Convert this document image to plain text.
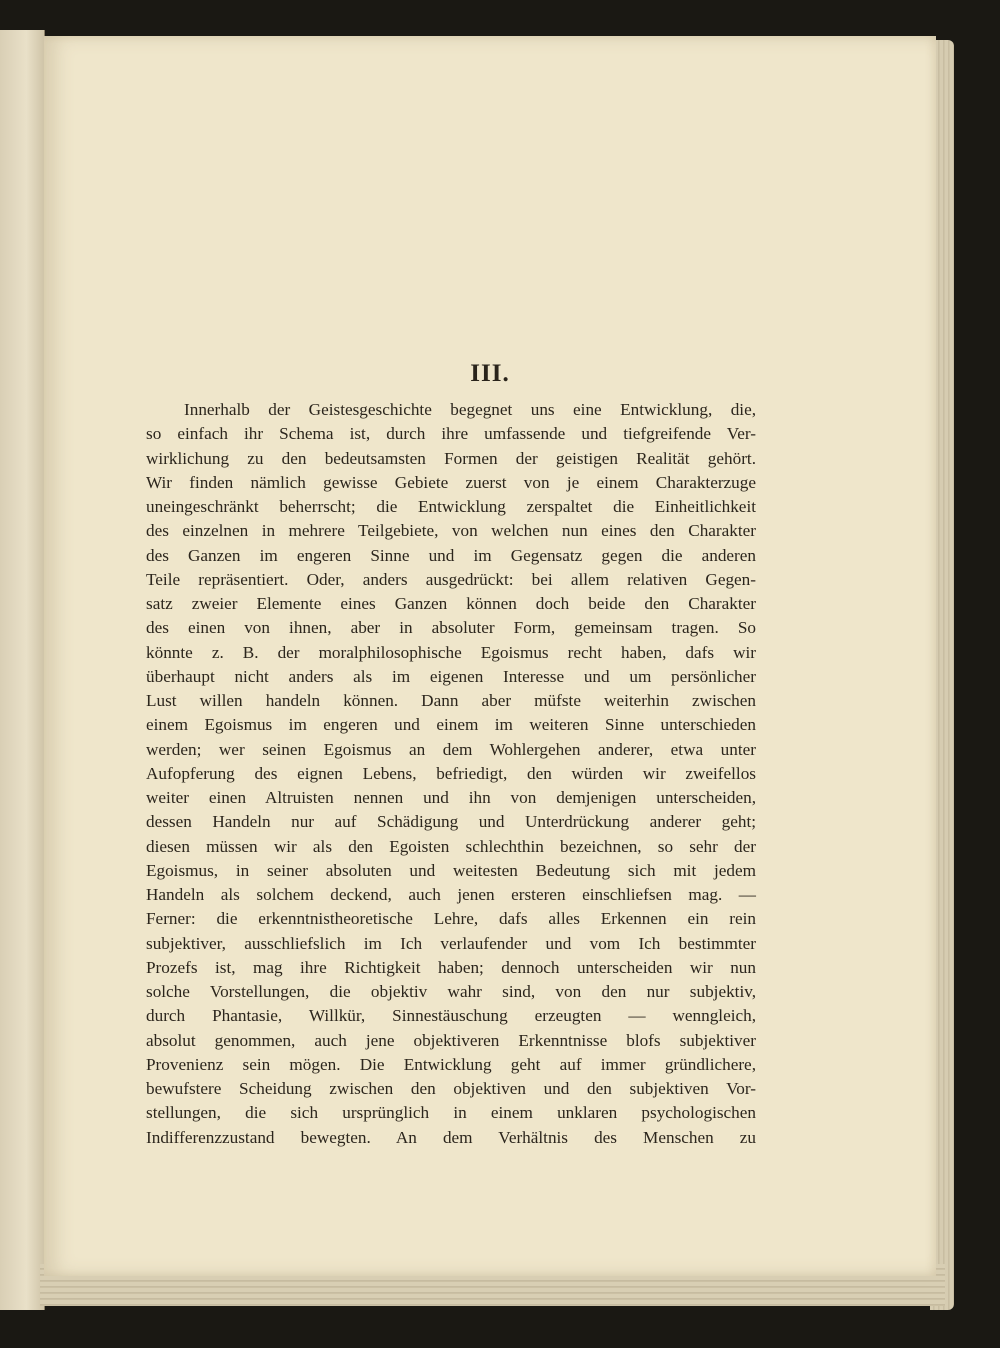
III.
Innerhalb der Geistesgeschichte begegnet uns eine Entwicklung, die,
so einfach ihr Schema ist, durch ihre umfassende und tiefgreifende Ver-
wirklichung zu den bedeutsamsten Formen der geistigen Realität gehört.
Wir finden nämlich gewisse Gebiete zuerst von je einem Charakterzuge
uneingeschränkt beherrscht; die Entwicklung zerspaltet die Einheitlichkeit
des einzelnen in mehrere Teilgebiete, von welchen nun eines den Charakter
des Ganzen im engeren Sinne und im Gegensatz gegen die anderen
Teile repräsentiert. Oder, anders ausgedrückt: bei allem relativen Gegen-
satz zweier Elemente eines Ganzen können doch beide den Charakter
des einen von ihnen, aber in absoluter Form, gemeinsam tragen. So
könnte z. B. der moralphilosophische Egoismus recht haben, dafs wir
überhaupt nicht anders als im eigenen Interesse und um persönlicher
Lust willen handeln können. Dann aber müfste weiterhin zwischen
einem Egoismus im engeren und einem im weiteren Sinne unterschieden
werden; wer seinen Egoismus an dem Wohlergehen anderer, etwa unter
Aufopferung des eignen Lebens, befriedigt, den würden wir zweifellos
weiter einen Altruisten nennen und ihn von demjenigen unterscheiden,
dessen Handeln nur auf Schädigung und Unterdrückung anderer geht;
diesen müssen wir als den Egoisten schlechthin bezeichnen, so sehr der
Egoismus, in seiner absoluten und weitesten Bedeutung sich mit jedem
Handeln als solchem deckend, auch jenen ersteren einschliefsen mag. —
Ferner: die erkenntnistheoretische Lehre, dafs alles Erkennen ein rein
subjektiver, ausschliefslich im Ich verlaufender und vom Ich bestimmter
Prozefs ist, mag ihre Richtigkeit haben; dennoch unterscheiden wir nun
solche Vorstellungen, die objektiv wahr sind, von den nur subjektiv,
durch Phantasie, Willkür, Sinnestäuschung erzeugten — wenngleich,
absolut genommen, auch jene objektiveren Erkenntnisse blofs subjektiver
Provenienz sein mögen. Die Entwicklung geht auf immer gründlichere,
bewufstere Scheidung zwischen den objektiven und den subjektiven Vor-
stellungen, die sich ursprünglich in einem unklaren psychologischen
Indifferenzzustand bewegten. An dem Verhältnis des Menschen zu
